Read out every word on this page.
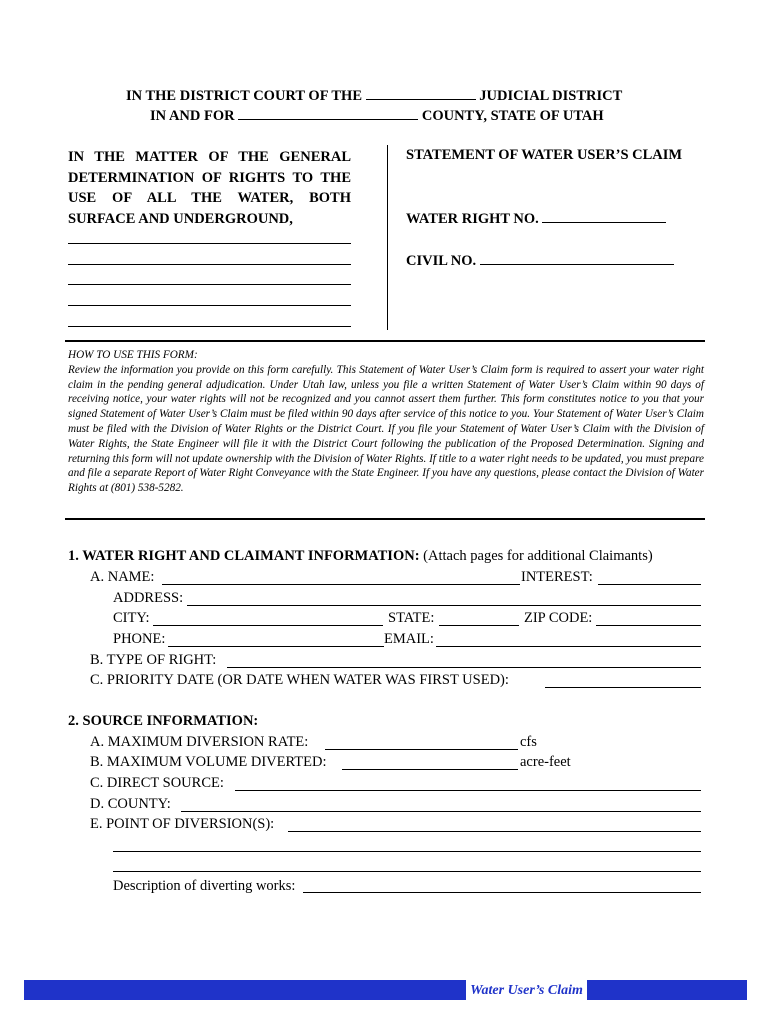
IN THE DISTRICT COURT OF THE	JUDICIAL DISTRICT
IN AND FOR	COUNTY, STATE OF UTAH
IN THE MATTER OF THE GENERAL
DETERMINATION OF RIGHTS TO THE
USE OF ALL THE WATER, BOTH
SURFACE AND UNDERGROUND,
STATEMENT OF WATER USER’S CLAIM
WATER RIGHT NO.
CIVIL NO.
HOW TO USE THIS FORM:
Review the information you provide on this form carefully. This Statement of Water User’s Claim form is required to assert your water right claim in the pending general adjudication. Under Utah law, unless you file a written Statement of Water User’s Claim within 90 days of receiving notice, your water rights will not be recognized and you cannot assert them further. This form constitutes notice to you that your signed Statement of Water User’s Claim must be filed within 90 days after service of this notice to you. Your Statement of Water User’s Claim must be filed with the Division of Water Rights or the District Court. If you file your Statement of Water User’s Claim with the Division of Water Rights, the State Engineer will file it with the District Court following the publication of the Proposed Determination. Signing and returning this form will not update ownership with the Division of Water Rights. If title to a water right needs to be updated, you must prepare and file a separate Report of Water Right Conveyance with the State Engineer. If you have any questions, please contact the Division of Water Rights at (801) 538-5282.
1. WATER RIGHT AND CLAIMANT INFORMATION: (Attach pages for additional Claimants)
A. NAME:	INTEREST:
ADDRESS:
CITY:	STATE:	ZIP CODE:
PHONE:	EMAIL:
B. TYPE OF RIGHT:
C. PRIORITY DATE (OR DATE WHEN WATER WAS FIRST USED):
2. SOURCE INFORMATION:
A. MAXIMUM DIVERSION RATE:	cfs
B. MAXIMUM VOLUME DIVERTED:	acre-feet
C. DIRECT SOURCE:
D. COUNTY:
E. POINT OF DIVERSION(S):
Description of diverting works:
Water User’s Claim
